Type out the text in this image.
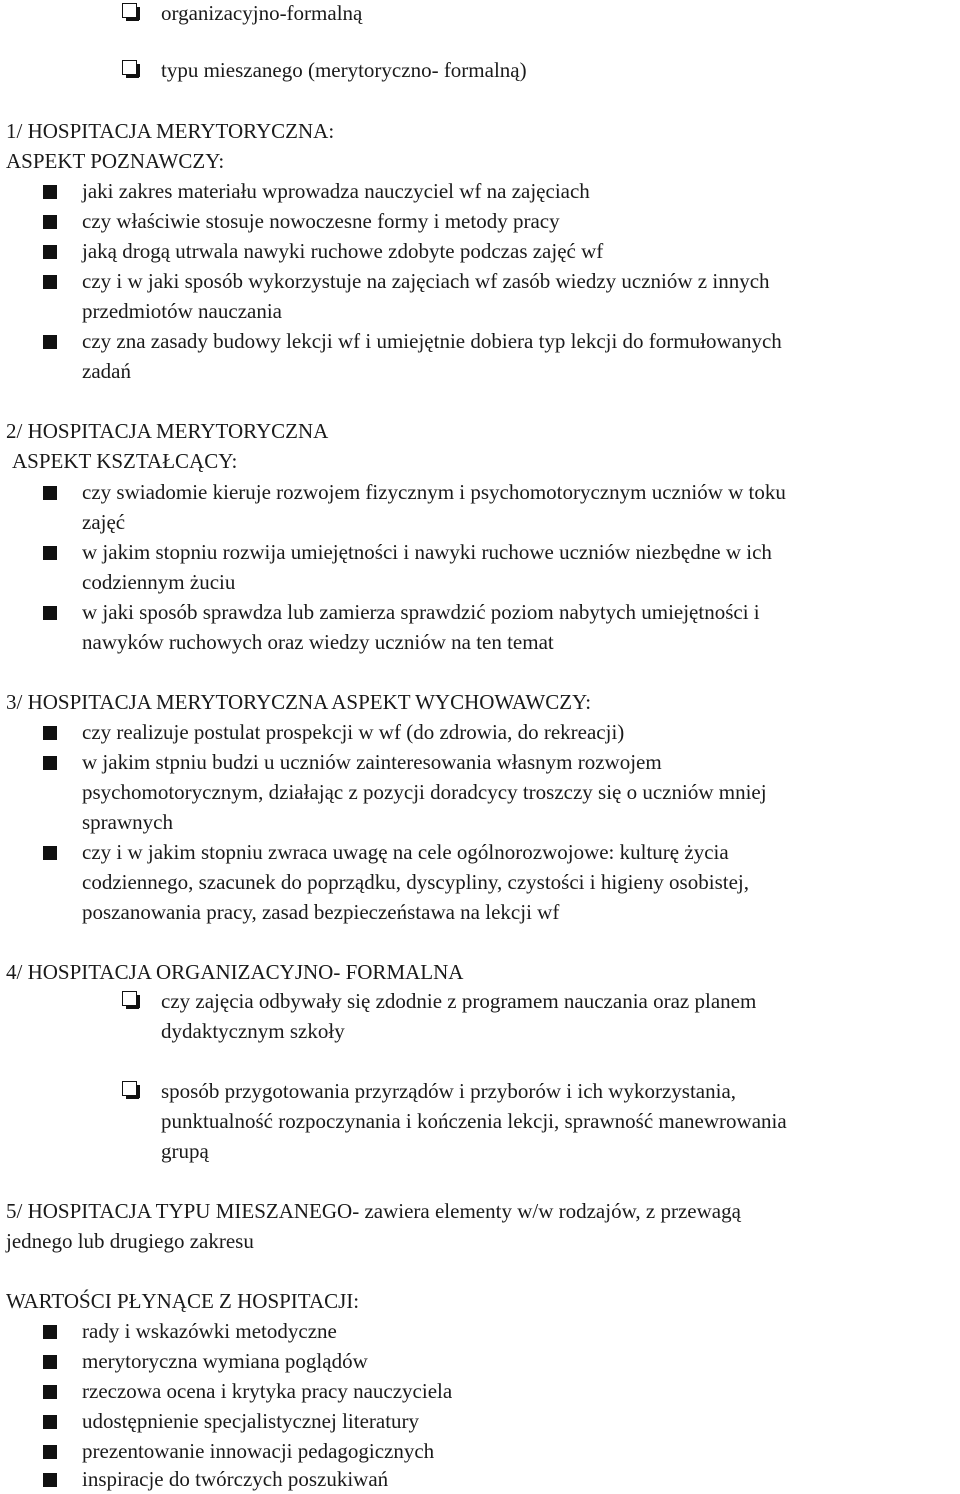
organizacyjno-formalną
typu mieszanego (merytoryczno- formalną)
1/ HOSPITACJA MERYTORYCZNA:
ASPEKT POZNAWCZY:
jaki zakres materiału wprowadza nauczyciel wf na zajęciach
czy właściwie stosuje nowoczesne formy i metody pracy
jaką drogą utrwala nawyki ruchowe zdobyte podczas zajęć wf
czy i w jaki sposób wykorzystuje na zajęciach wf zasób wiedzy uczniów z innych
przedmiotów nauczania
czy zna zasady budowy lekcji wf i umiejętnie dobiera typ lekcji do formułowanych
zadań
2/ HOSPITACJA MERYTORYCZNA
ASPEKT KSZTAŁCĄCY:
czy swiadomie kieruje rozwojem fizycznym i psychomotorycznym uczniów w toku
zajęć
w jakim stopniu rozwija umiejętności i nawyki ruchowe uczniów niezbędne w ich
codziennym żuciu
w jaki sposób sprawdza lub zamierza sprawdzić poziom nabytych umiejętności i
nawyków ruchowych oraz wiedzy uczniów na ten temat
3/ HOSPITACJA MERYTORYCZNA ASPEKT WYCHOWAWCZY:
czy realizuje postulat prospekcji w wf (do zdrowia, do rekreacji)
w jakim stpniu budzi u uczniów zainteresowania własnym rozwojem
psychomotorycznym, działając z pozycji doradcycy troszczy się o uczniów mniej
sprawnych
czy i w jakim stopniu zwraca uwagę na cele ogólnorozwojowe: kulturę życia
codziennego, szacunek do poprządku, dyscypliny, czystości i higieny osobistej,
poszanowania pracy, zasad bezpieczeństawa na lekcji wf
4/ HOSPITACJA ORGANIZACYJNO- FORMALNA
czy zajęcia odbywały się zdodnie z programem nauczania oraz planem
dydaktycznym szkoły
sposób przygotowania przyrządów i przyborów i ich wykorzystania,
punktualność rozpoczynania i kończenia lekcji, sprawność manewrowania
grupą
5/ HOSPITACJA TYPU MIESZANEGO- zawiera elementy w/w rodzajów, z przewagą
jednego lub drugiego zakresu
WARTOŚCI PŁYNĄCE Z HOSPITACJI:
rady i wskazówki metodyczne
merytoryczna wymiana poglądów
rzeczowa ocena i krytyka pracy nauczyciela
udostępnienie specjalistycznej literatury
prezentowanie innowacji pedagogicznych
inspiracje do twórczych poszukiwań
